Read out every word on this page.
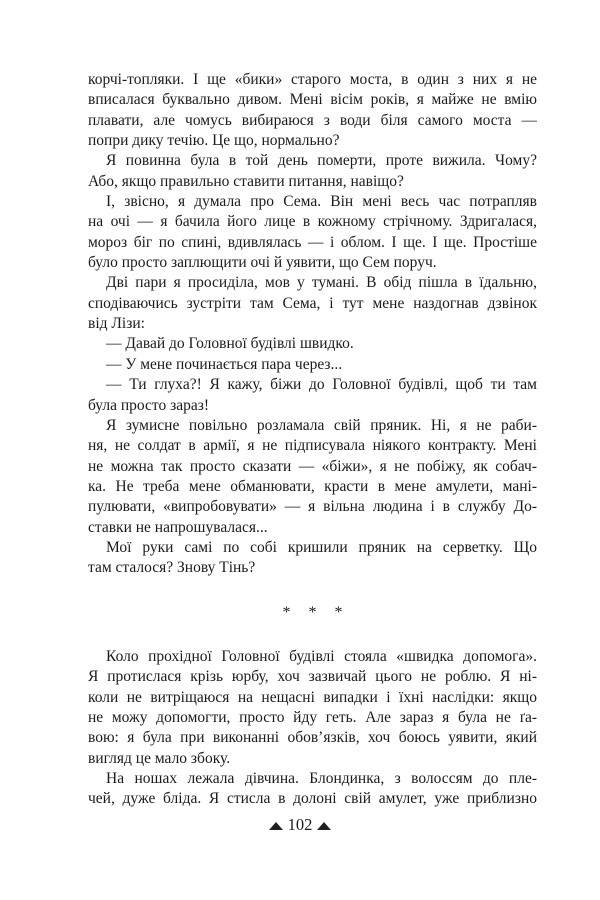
корчі-топляки. І ще «бики» старого моста, в один з них я не
вписалася буквально дивом. Мені вісім років, я майже не вмію
плавати, але чомусь вибираюся з води біля самого моста —
попри дику течію. Це що, нормально?
Я повинна була в той день померти, проте вижила. Чому?
Або, якщо правильно ставити питання, навіщо?
І, звісно, я думала про Сема. Він мені весь час потрапляв
на очі — я бачила його лице в кожному стрічному. Здригалася,
мороз біг по спині, вдивлялась — і облом. І ще. І ще. Простіше
було просто заплющити очі й уявити, що Сем поруч.
Дві пари я просиділа, мов у тумані. В обід пішла в їдальню,
сподіваючись зустріти там Сема, і тут мене наздогнав дзвінок
від Лізи:
— Давай до Головної будівлі швидко.
— У мене починається пара через...
— Ти глуха?! Я кажу, біжи до Головної будівлі, щоб ти там
була просто зараз!
Я зумисне повільно розламала свій пряник. Ні, я не раби-
ня, не солдат в армії, я не підписувала ніякого контракту. Мені
не можна так просто сказати — «біжи», я не побіжу, як собач-
ка. Не треба мене обманювати, красти в мене амулети, мані-
пулювати, «випробовувати» — я вільна людина і в службу До-
ставки не напрошувалася...
Мої руки самі по собі кришили пряник на серветку. Що
там сталося? Знову Тінь?
* * *
Коло прохідної Головної будівлі стояла «швидка допомога».
Я протислася крізь юрбу, хоч зазвичай цього не роблю. Я ні-
коли не витріщаюся на нещасні випадки і їхні наслідки: якщо
не можу допомогти, просто йду геть. Але зараз я була не ґа-
вою: я була при виконанні обов’язків, хоч боюсь уявити, який
вигляд це мало збоку.
На ношах лежала дівчина. Блондинка, з волоссям до пле-
чей, дуже бліда. Я стисла в долоні свій амулет, уже приблизно
102
